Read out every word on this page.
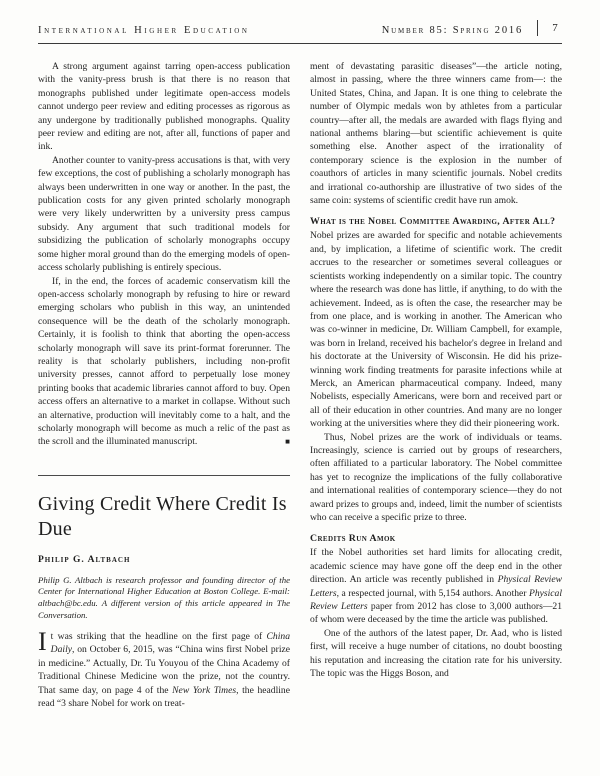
International Higher Education	Number 85: Spring 2016	7

A strong argument against tarring open-access publication with the vanity-press brush is that there is no reason that monographs published under legitimate open-access models cannot undergo peer review and editing processes as rigorous as any undergone by traditionally published monographs. Quality peer review and editing are not, after all, functions of paper and ink.

Another counter to vanity-press accusations is that, with very few exceptions, the cost of publishing a scholarly monograph has always been underwritten in one way or another. In the past, the publication costs for any given printed scholarly monograph were very likely underwritten by a university press campus subsidy. Any argument that such traditional models for subsidizing the publication of scholarly monographs occupy some higher moral ground than do the emerging models of open-access scholarly publishing is entirely specious.

If, in the end, the forces of academic conservatism kill the open-access scholarly monograph by refusing to hire or reward emerging scholars who publish in this way, an unintended consequence will be the death of the scholarly monograph. Certainly, it is foolish to think that aborting the open-access scholarly monograph will save its print-format forerunner. The reality is that scholarly publishers, including non-profit university presses, cannot afford to perpetually lose money printing books that academic libraries cannot afford to buy. Open access offers an alternative to a market in collapse. Without such an alternative, production will inevitably come to a halt, and the scholarly monograph will become as much a relic of the past as the scroll and the illuminated manuscript.	■
Giving Credit Where Credit Is Due
Philip G. Altbach

Philip G. Altbach is research professor and founding director of the Center for International Higher Education at Boston College. E-mail: altbach@bc.edu. A different version of this article appeared in The Conversation.

It was striking that the headline on the first page of China Daily, on October 6, 2015, was “China wins first Nobel prize in medicine.” Actually, Dr. Tu Youyou of the China Academy of Traditional Chinese Medicine won the prize, not the country. That same day, on page 4 of the New York Times, the headline read “3 share Nobel for work on treat-

ment of devastating parasitic diseases”—the article noting, almost in passing, where the three winners came from—: the United States, China, and Japan. It is one thing to celebrate the number of Olympic medals won by athletes from a particular country—after all, the medals are awarded with flags flying and national anthems blaring—but scientific achievement is quite something else. Another aspect of the irrationality of contemporary science is the explosion in the number of coauthors of articles in many scientific journals. Nobel credits and irrational co-authorship are illustrative of two sides of the same coin: systems of scientific credit have run amok.

What is the Nobel Committee Awarding, After All?

Nobel prizes are awarded for specific and notable achievements and, by implication, a lifetime of scientific work. The credit accrues to the researcher or sometimes several colleagues or scientists working independently on a similar topic. The country where the research was done has little, if anything, to do with the achievement. Indeed, as is often the case, the researcher may be from one place, and is working in another. The American who was co-winner in medicine, Dr. William Campbell, for example, was born in Ireland, received his bachelor's degree in Ireland and his doctorate at the University of Wisconsin. He did his prize-winning work finding treatments for parasite infections while at Merck, an American pharmaceutical company. Indeed, many Nobelists, especially Americans, were born and received part or all of their education in other countries. And many are no longer working at the universities where they did their pioneering work.

Thus, Nobel prizes are the work of individuals or teams. Increasingly, science is carried out by groups of researchers, often affiliated to a particular laboratory. The Nobel committee has yet to recognize the implications of the fully collaborative and international realities of contemporary science—they do not award prizes to groups and, indeed, limit the number of scientists who can receive a specific prize to three.

Credits Run Amok

If the Nobel authorities set hard limits for allocating credit, academic science may have gone off the deep end in the other direction. An article was recently published in Physical Review Letters, a respected journal, with 5,154 authors. Another Physical Review Letters paper from 2012 has close to 3,000 authors—21 of whom were deceased by the time the article was published.

One of the authors of the latest paper, Dr. Aad, who is listed first, will receive a huge number of citations, no doubt boosting his reputation and increasing the citation rate for his university. The topic was the Higgs Boson, and
